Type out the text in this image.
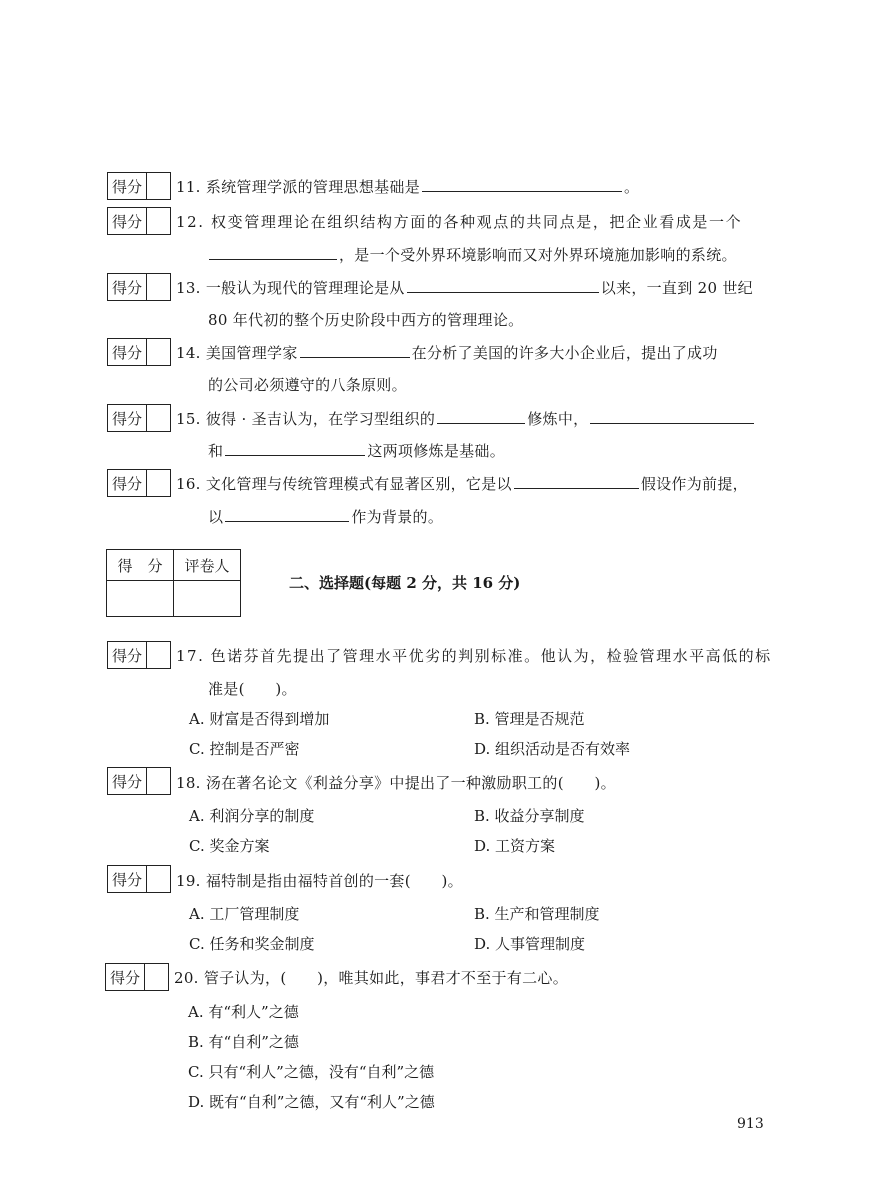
得分	11. 系统管理学派的管理思想基础是	。
得分	12. 权变管理理论在组织结构方面的各种观点的共同点是，把企业看成是一个
，是一个受外界环境影响而又对外界环境施加影响的系统。
得分	13. 一般认为现代的管理理论是从	以来，一直到 20 世纪
80 年代初的整个历史阶段中西方的管理理论。
得分	14. 美国管理学家	在分析了美国的许多大小企业后，提出了成功
的公司必须遵守的八条原则。
得分	15. 彼得 · 圣吉认为，在学习型组织的	修炼中，
和	这两项修炼是基础。
得分	16. 文化管理与传统管理模式有显著区别，它是以	假设作为前提，
以	作为背景的。
得　分	评卷人
二、选择题(每题 2 分，共 16 分)
得分	17. 色诺芬首先提出了管理水平优劣的判别标准。他认为，检验管理水平高低的标
准是(　　)。
A. 财富是否得到增加	B. 管理是否规范
C. 控制是否严密	D. 组织活动是否有效率
得分	18. 汤在著名论文《利益分享》中提出了一种激励职工的(　　)。
A. 利润分享的制度	B. 收益分享制度
C. 奖金方案	D. 工资方案
得分	19. 福特制是指由福特首创的一套(　　)。
A. 工厂管理制度	B. 生产和管理制度
C. 任务和奖金制度	D. 人事管理制度
得分	20. 管子认为，(　　)，唯其如此，事君才不至于有二心。
A. 有“利人”之德
B. 有“自利”之德
C. 只有“利人”之德，没有“自利”之德
D. 既有“自利”之德，又有“利人”之德
913
